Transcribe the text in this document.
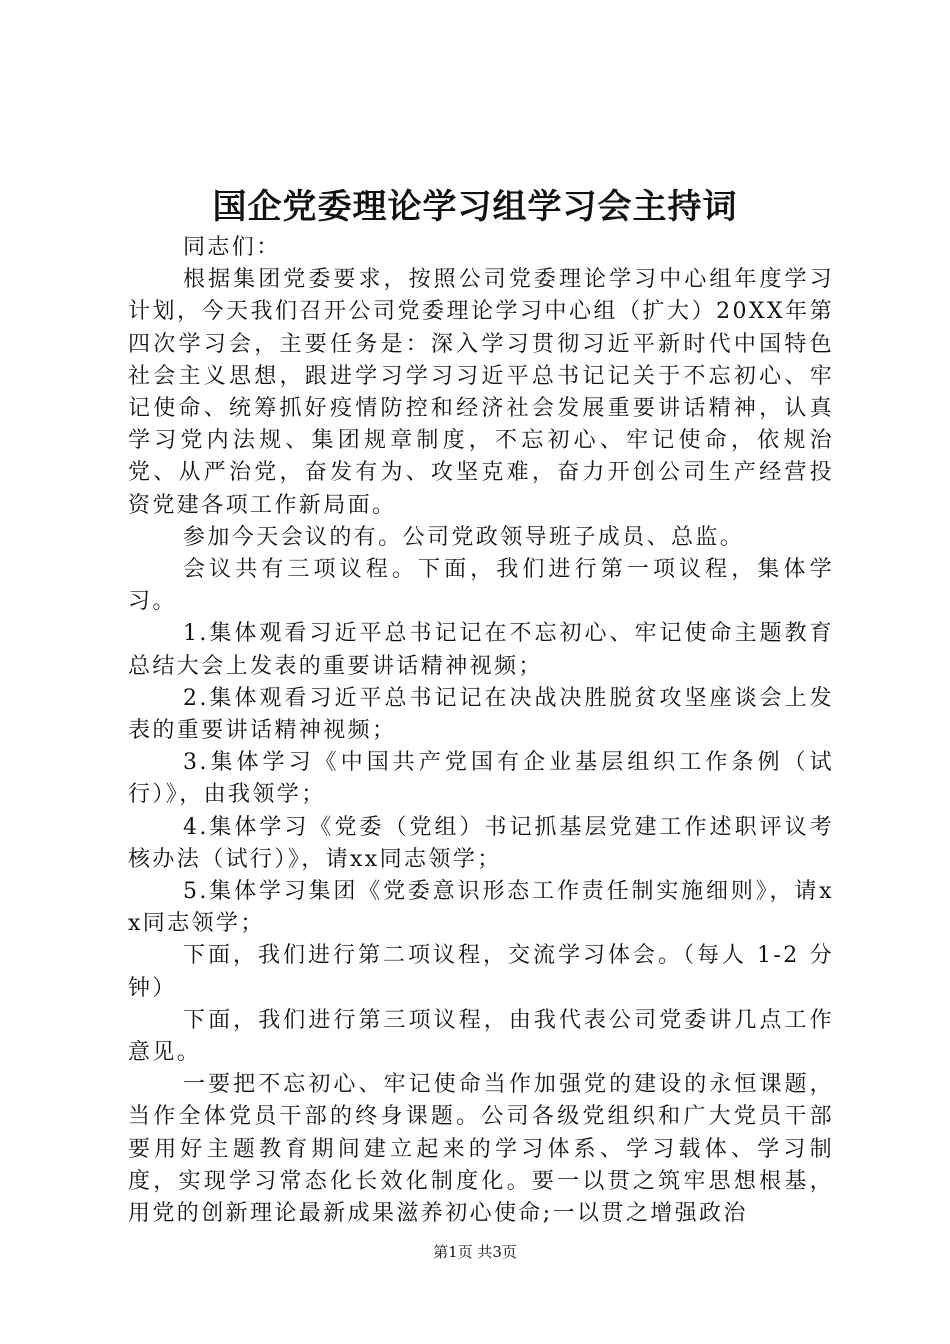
国企党委理论学习组学习会主持词

同志们：

根据集团党委要求，按照公司党委理论学习中心组年度学习计划，今天我们召开公司党委理论学习中心组（扩大）20XX年第四次学习会，主要任务是：深入学习贯彻习近平新时代中国特色社会主义思想，跟进学习学习习近平总书记记关于不忘初心、牢记使命、统筹抓好疫情防控和经济社会发展重要讲话精神，认真学习党内法规、集团规章制度，不忘初心、牢记使命，依规治党、从严治党，奋发有为、攻坚克难，奋力开创公司生产经营投资党建各项工作新局面。

参加今天会议的有。公司党政领导班子成员、总监。

会议共有三项议程。下面，我们进行第一项议程，集体学习。

1.集体观看习近平总书记记在不忘初心、牢记使命主题教育总结大会上发表的重要讲话精神视频；

2.集体观看习近平总书记记在决战决胜脱贫攻坚座谈会上发表的重要讲话精神视频；

3.集体学习《中国共产党国有企业基层组织工作条例（试行）》，由我领学；

4.集体学习《党委（党组）书记抓基层党建工作述职评议考核办法（试行）》，请xx同志领学；

5.集体学习集团《党委意识形态工作责任制实施细则》，请xx同志领学；

下面，我们进行第二项议程，交流学习体会。（每人 1-2 分钟）

下面，我们进行第三项议程，由我代表公司党委讲几点工作意见。

一要把不忘初心、牢记使命当作加强党的建设的永恒课题，当作全体党员干部的终身课题。公司各级党组织和广大党员干部要用好主题教育期间建立起来的学习体系、学习载体、学习制度，实现学习常态化长效化制度化。要一以贯之筑牢思想根基，用党的创新理论最新成果滋养初心使命;一以贯之增强政治

第1页 共3页
